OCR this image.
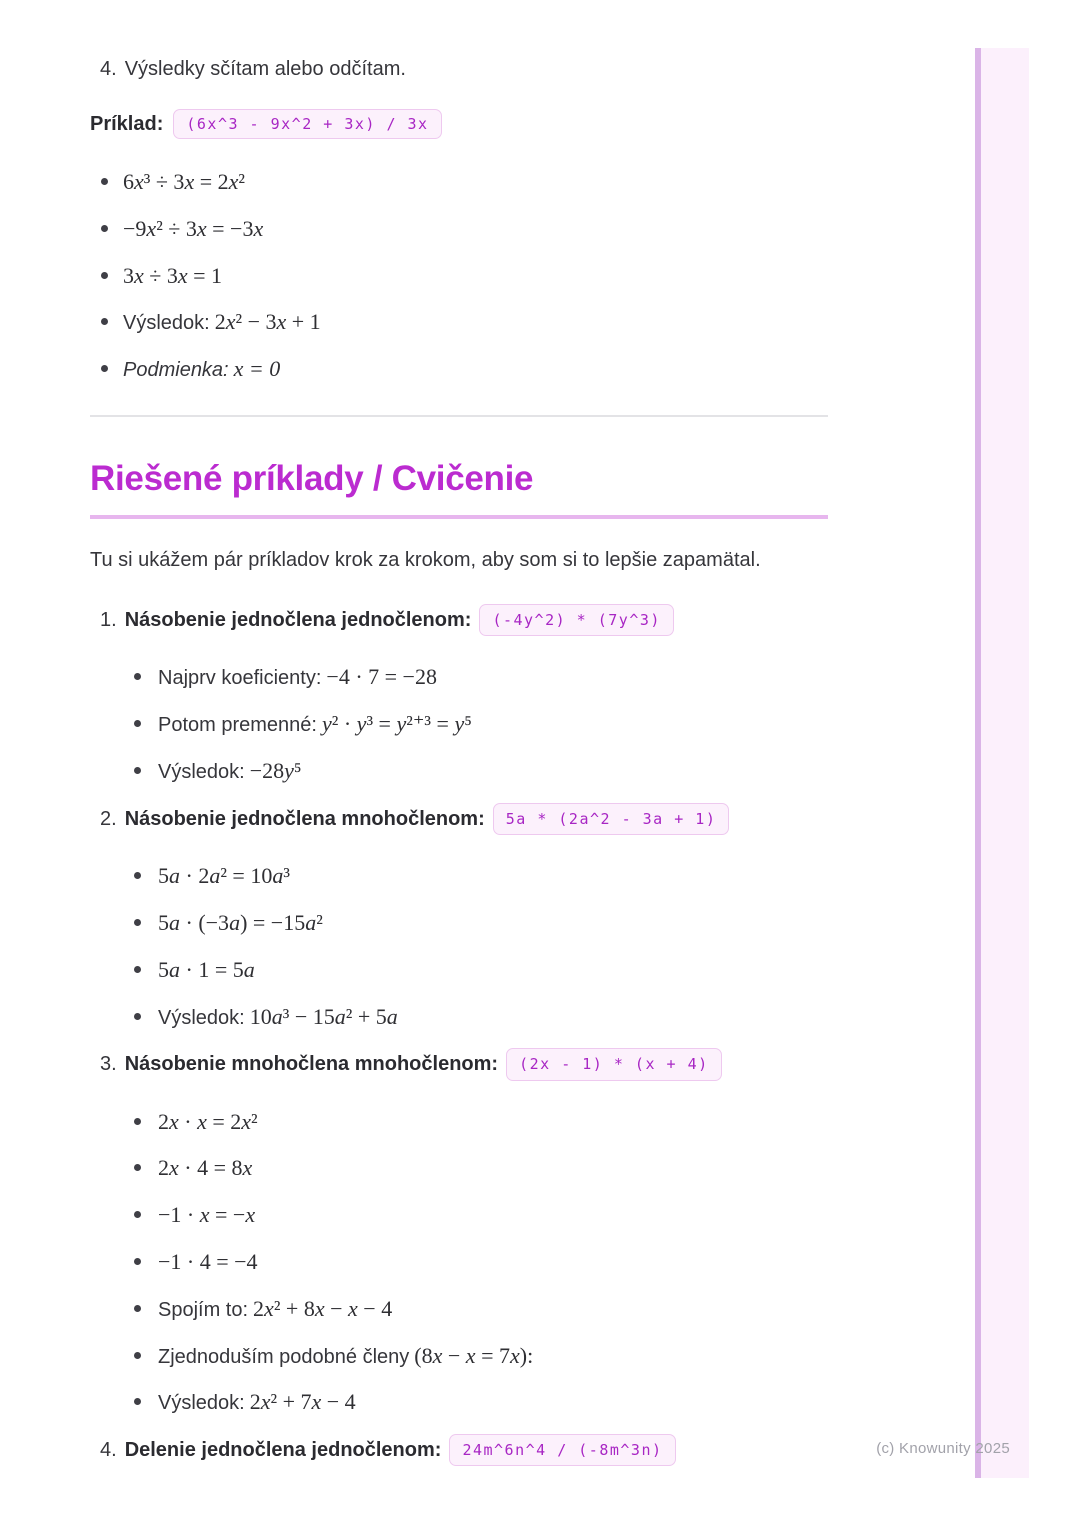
4. Výsledky sčítam alebo odčítam.
Príklad:	(6x^3 - 9x^2 + 3x) / 3x
6x³ ÷ 3x = 2x²
−9x² ÷ 3x = −3x
3x ÷ 3x = 1
Výsledok: 2x² − 3x + 1
Podmienka: x = 0
Riešené príklady / Cvičenie

Tu si ukážem pár príkladov krok za krokom, aby som si to lepšie zapamätal.

1. Násobenie jednočlena jednočlenom:	(-4y^2) * (7y^3)
Najprv koeficienty: −4 · 7 = −28
Potom premenné: y² · y³ = y²⁺³ = y⁵
Výsledok: −28y⁵
2. Násobenie jednočlena mnohočlenom:	5a * (2a^2 - 3a + 1)
5a · 2a² = 10a³
5a · (−3a) = −15a²
5a · 1 = 5a
Výsledok: 10a³ − 15a² + 5a
3. Násobenie mnohočlena mnohočlenom:	(2x - 1) * (x + 4)
2x · x = 2x²
2x · 4 = 8x
−1 · x = −x
−1 · 4 = −4
Spojím to: 2x² + 8x − x − 4
Zjednoduším podobné členy (8x − x = 7x):
Výsledok: 2x² + 7x − 4
4. Delenie jednočlena jednočlenom:	24m^6n^4 / (-8m^3n)	(c) Knowunity 2025
